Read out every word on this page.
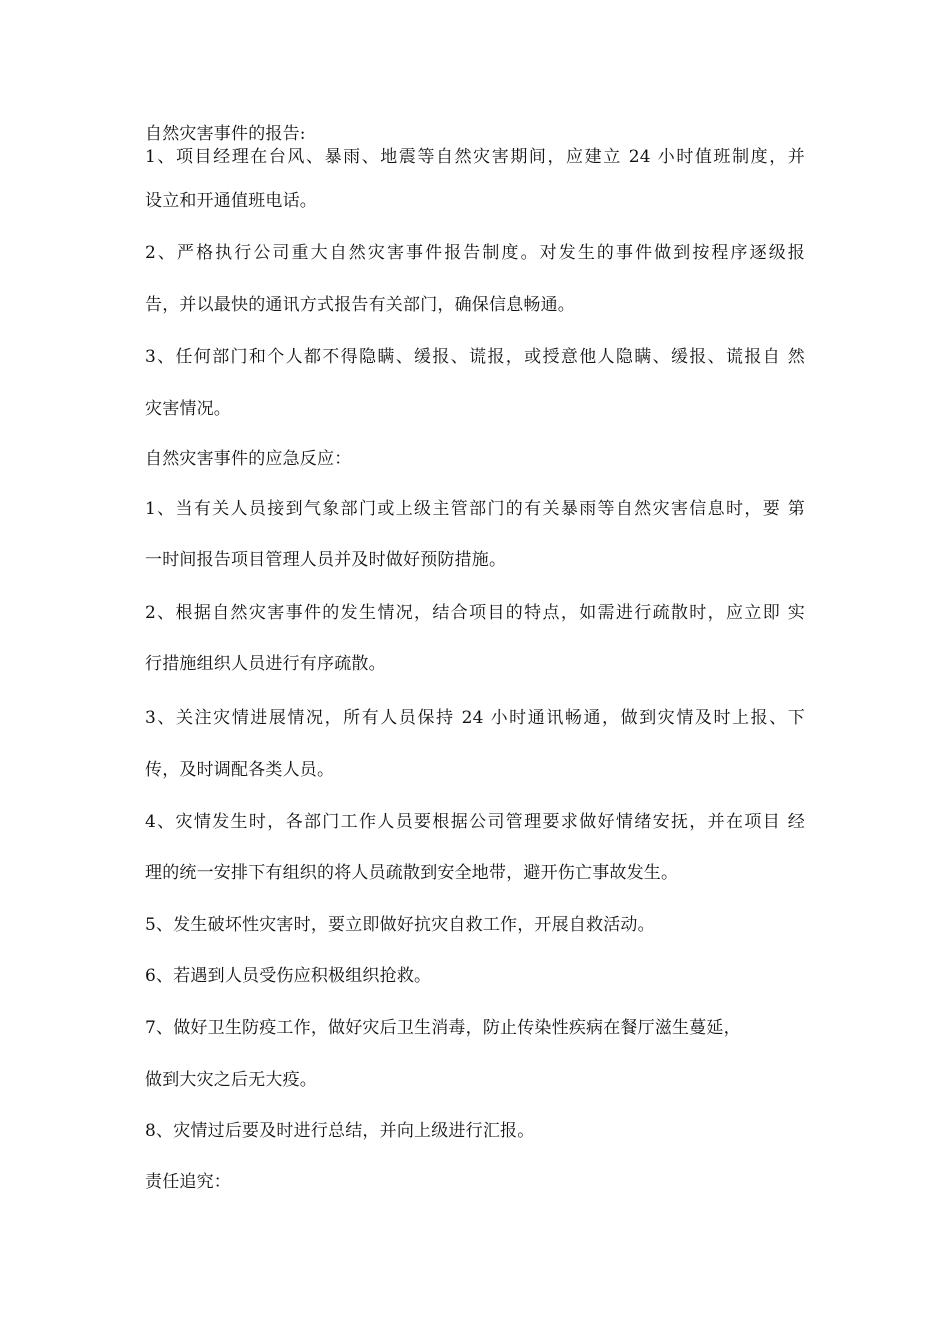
自然灾害事件的报告:
1、项目经理在台风、暴雨、地震等自然灾害期间，应建立 24 小时值班制度，并
设立和开通值班电话。
2、严格执行公司重大自然灾害事件报告制度。对发生的事件做到按程序逐级报
告，并以最快的通讯方式报告有关部门，确保信息畅通。
3、任何部门和个人都不得隐瞒、缓报、谎报，或授意他人隐瞒、缓报、谎报自 然
灾害情况。
自然灾害事件的应急反应：
1、当有关人员接到气象部门或上级主管部门的有关暴雨等自然灾害信息时，要 第
一时间报告项目管理人员并及时做好预防措施。
2、根据自然灾害事件的发生情况，结合项目的特点，如需进行疏散时，应立即 实
行措施组织人员进行有序疏散。
3、关注灾情进展情况，所有人员保持 24 小时通讯畅通，做到灾情及时上报、下
传，及时调配各类人员。
4、灾情发生时，各部门工作人员要根据公司管理要求做好情绪安抚，并在项目 经
理的统一安排下有组织的将人员疏散到安全地带，避开伤亡事故发生。
5、发生破坏性灾害时，要立即做好抗灾自救工作，开展自救活动。
6、若遇到人员受伤应积极组织抢救。
7、做好卫生防疫工作，做好灾后卫生消毒，防止传染性疾病在餐厅滋生蔓延，
做到大灾之后无大疫。
8、灾情过后要及时进行总结，并向上级进行汇报。
责任追究：
